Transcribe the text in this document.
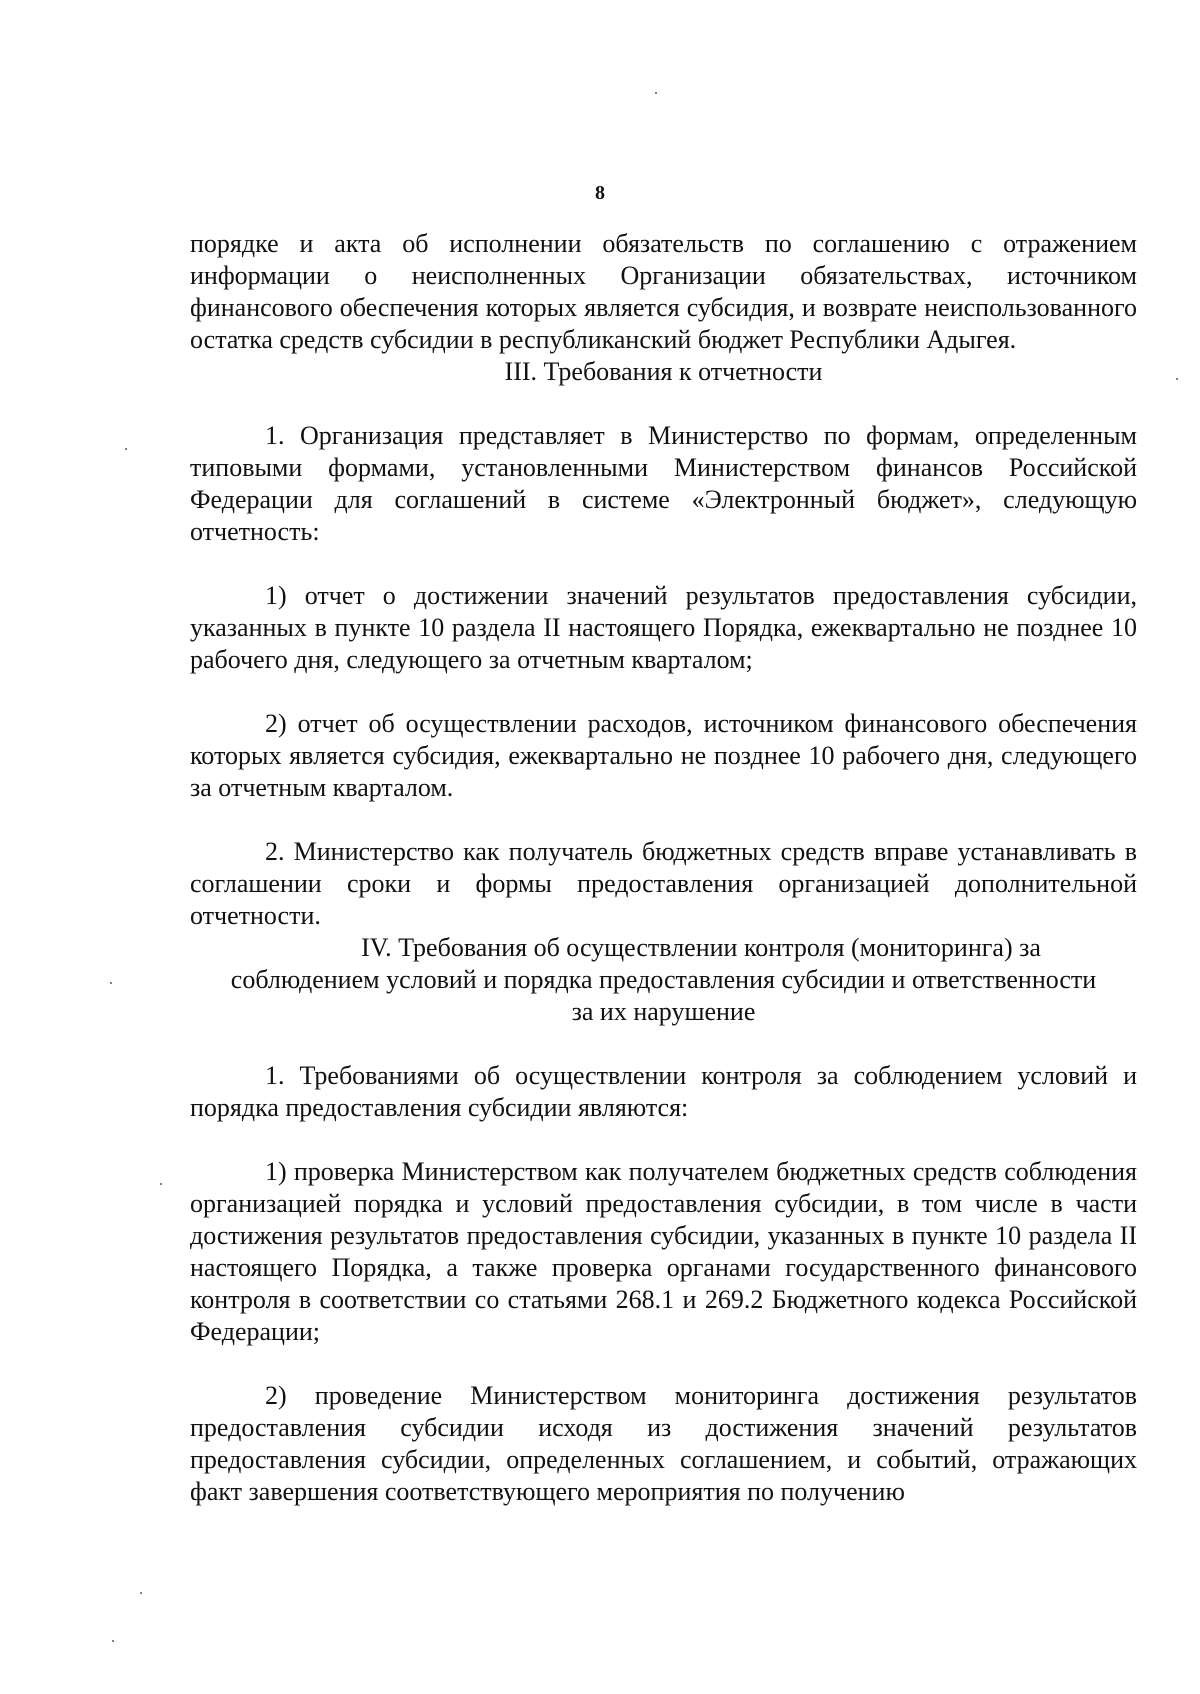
8

порядке и акта об исполнении обязательств по соглашению с отражением информации о неисполненных Организации обязательствах, источником финансового обеспечения которых является субсидия, и возврате неиспользованного остатка средств субсидии в республиканский бюджет Республики Адыгея.

III. Требования к отчетности

1. Организация представляет в Министерство по формам, определенным типовыми формами, установленными Министерством финансов Российской Федерации для соглашений в системе «Электронный бюджет», следующую отчетность:

1) отчет о достижении значений результатов предоставления субсидии, указанных в пункте 10 раздела II настоящего Порядка, ежеквартально не позднее 10 рабочего дня, следующего за отчетным кварталом;

2) отчет об осуществлении расходов, источником финансового обеспечения которых является субсидия, ежеквартально не позднее 10 рабочего дня, следующего за отчетным кварталом.

2. Министерство как получатель бюджетных средств вправе устанавливать в соглашении сроки и формы предоставления организацией дополнительной отчетности.

IV. Требования об осуществлении контроля (мониторинга) за
соблюдением условий и порядка предоставления субсидии и ответственности
за их нарушение

1. Требованиями об осуществлении контроля за соблюдением условий и порядка предоставления субсидии являются:

1) проверка Министерством как получателем бюджетных средств соблюдения организацией порядка и условий предоставления субсидии, в том числе в части достижения результатов предоставления субсидии, указанных в пункте 10 раздела II настоящего Порядка, а также проверка органами государственного финансового контроля в соответствии со статьями 268.1 и 269.2 Бюджетного кодекса Российской Федерации;

2) проведение Министерством мониторинга достижения результатов предоставления субсидии исходя из достижения значений результатов предоставления субсидии, определенных соглашением, и событий, отражающих факт завершения соответствующего мероприятия по получению
